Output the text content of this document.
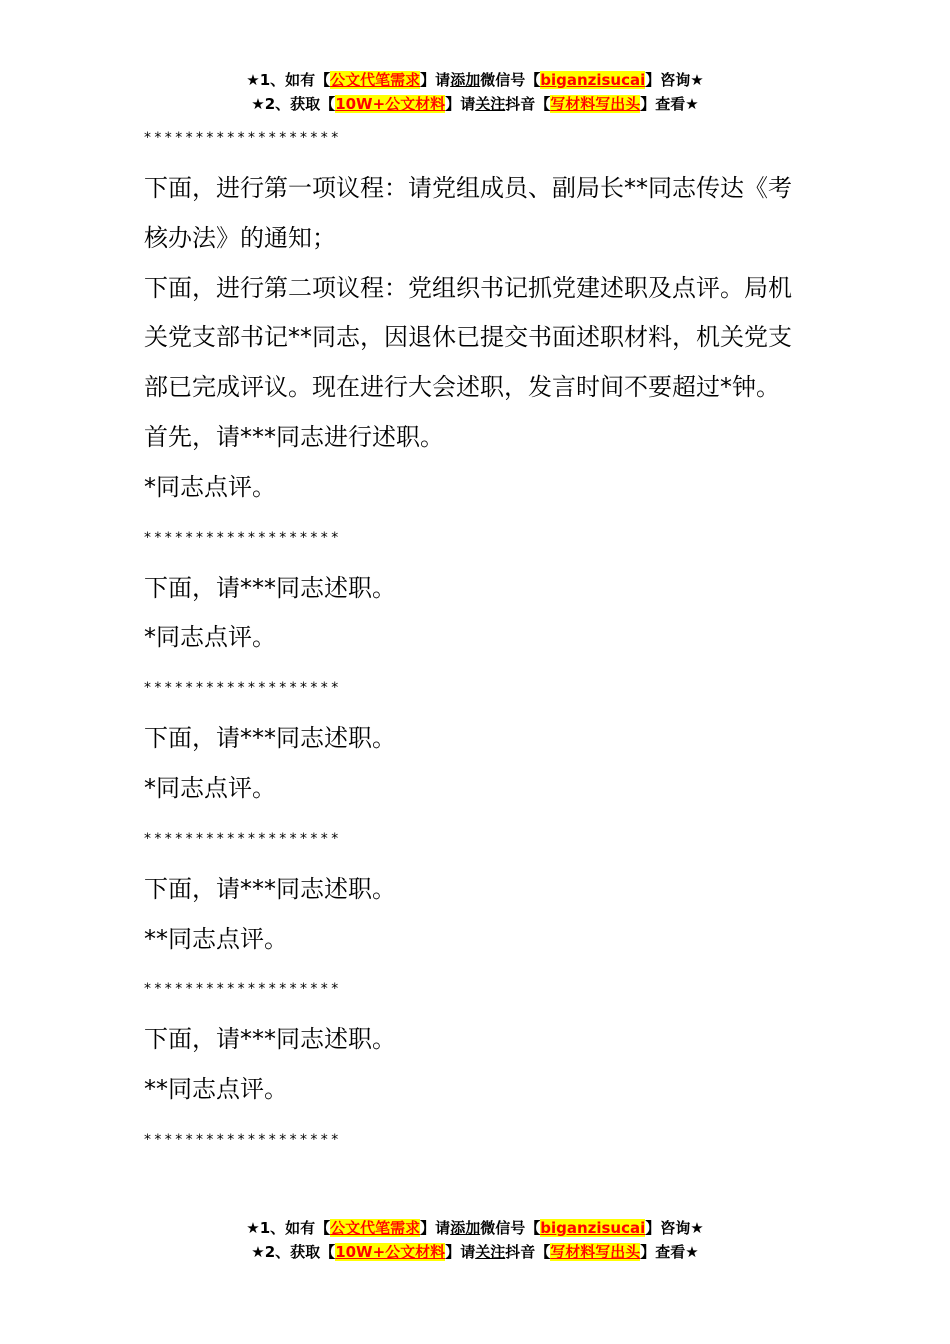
★1、如有【公文代笔需求】请添加微信号【biganzisucai】咨询★
★2、获取【10W+公文材料】请关注抖音【写材料写出头】查看★

*******************

下面，进行第一项议程：请党组成员、副局长**同志传达《考核办法》的通知；

下面，进行第二项议程：党组织书记抓党建述职及点评。局机关党支部书记**同志，因退休已提交书面述职材料，机关党支部已完成评议。现在进行大会述职，发言时间不要超过*钟。

首先，请***同志进行述职。

*同志点评。

*******************

下面，请***同志述职。

*同志点评。

*******************

下面，请***同志述职。

*同志点评。

*******************

下面，请***同志述职。

**同志点评。

*******************

下面，请***同志述职。

**同志点评。

*******************

★1、如有【公文代笔需求】请添加微信号【biganzisucai】咨询★
★2、获取【10W+公文材料】请关注抖音【写材料写出头】查看★
